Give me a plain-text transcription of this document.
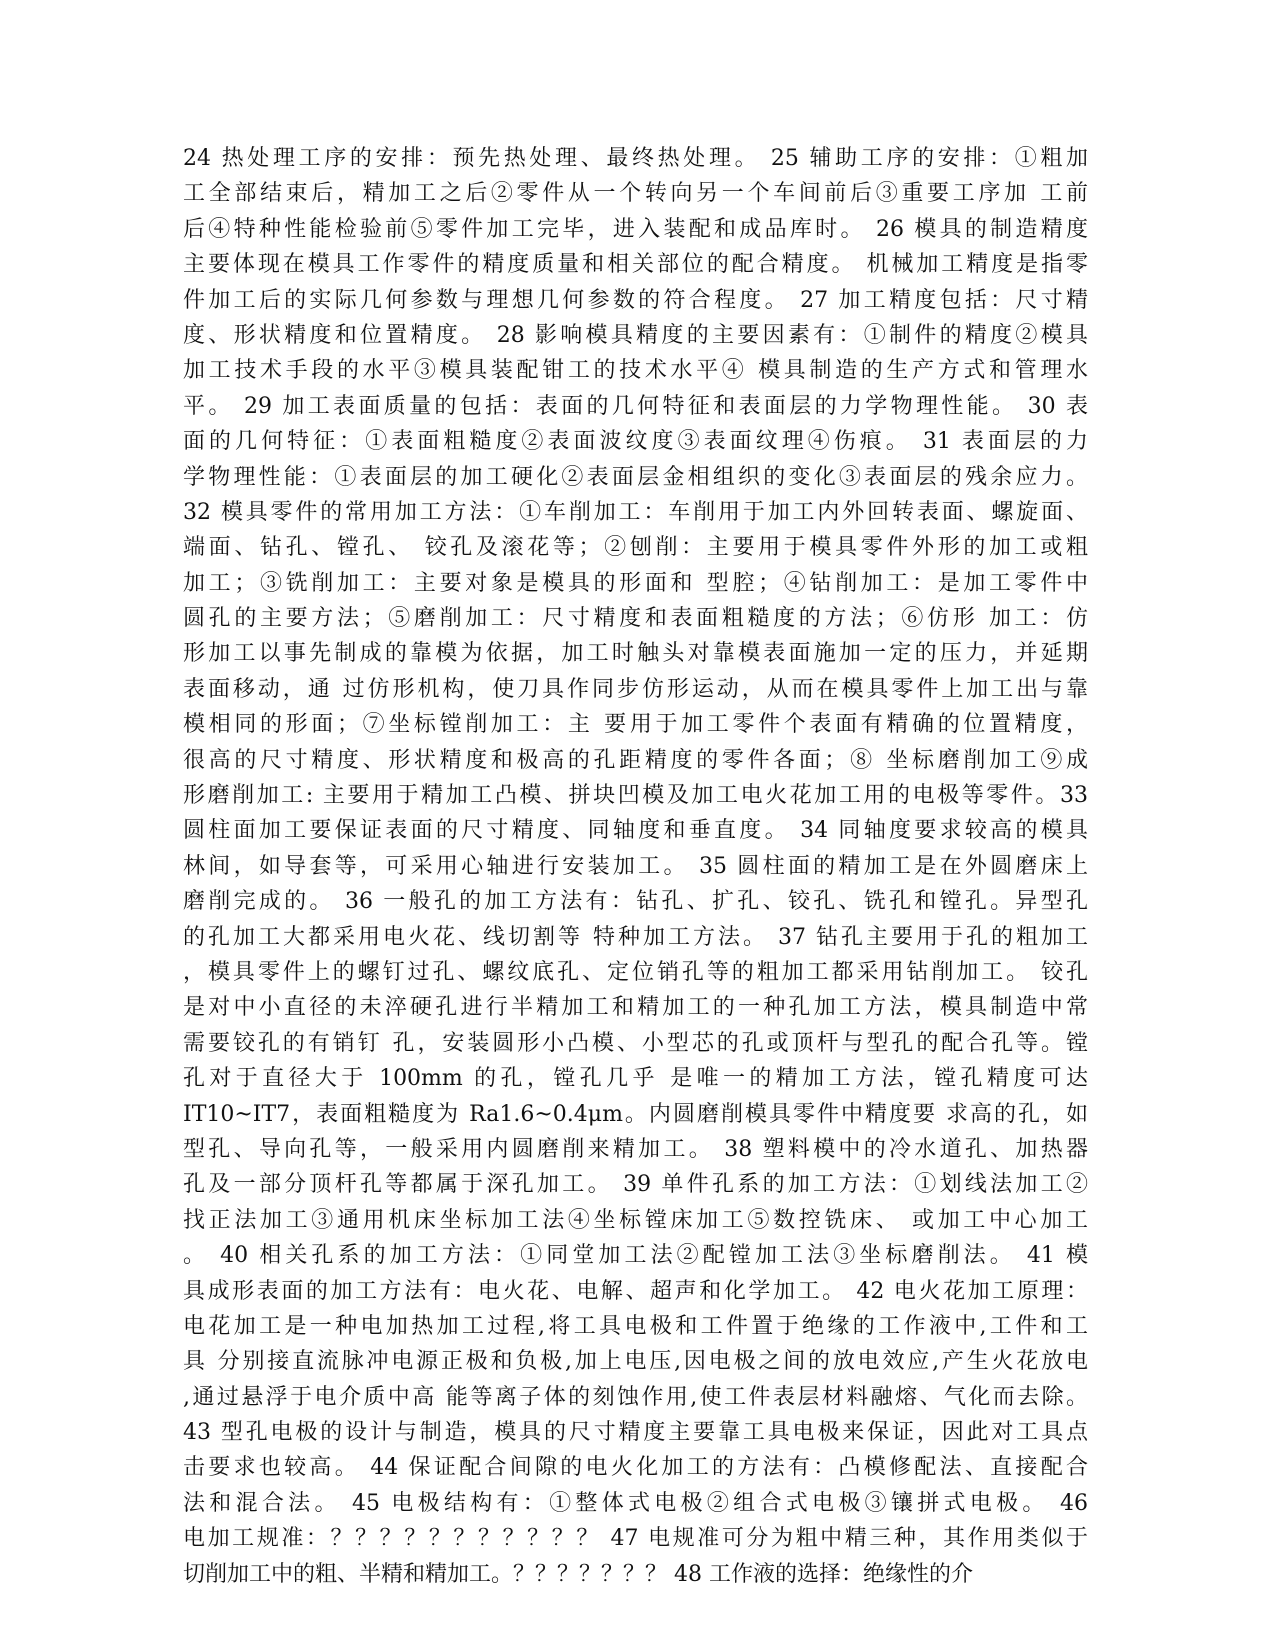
24 热处理工序的安排：预先热处理、最终热处理。 25 辅助工序的安排：①粗加
工全部结束后，精加工之后②零件从一个转向另一个车间前后③重要工序加 工前
后④特种性能检验前⑤零件加工完毕，进入装配和成品库时。 26 模具的制造精度
主要体现在模具工作零件的精度质量和相关部位的配合精度。 机械加工精度是指零
件加工后的实际几何参数与理想几何参数的符合程度。 27 加工精度包括：尺寸精
度、形状精度和位置精度。 28 影响模具精度的主要因素有：①制件的精度②模具
加工技术手段的水平③模具装配钳工的技术水平④ 模具制造的生产方式和管理水
平。 29 加工表面质量的包括：表面的几何特征和表面层的力学物理性能。 30 表
面的几何特征：①表面粗糙度②表面波纹度③表面纹理④伤痕。 31 表面层的力
学物理性能：①表面层的加工硬化②表面层金相组织的变化③表面层的残余应力。
32 模具零件的常用加工方法：①车削加工：车削用于加工内外回转表面、螺旋面、
端面、钻孔、镗孔、 铰孔及滚花等；②刨削：主要用于模具零件外形的加工或粗
加工；③铣削加工：主要对象是模具的形面和 型腔；④钻削加工：是加工零件中
圆孔的主要方法；⑤磨削加工：尺寸精度和表面粗糙度的方法；⑥仿形 加工：仿
形加工以事先制成的靠模为依据，加工时触头对靠模表面施加一定的压力，并延期
表面移动，通 过仿形机构，使刀具作同步仿形运动，从而在模具零件上加工出与靠
模相同的形面；⑦坐标镗削加工：主 要用于加工零件个表面有精确的位置精度，
很高的尺寸精度、形状精度和极高的孔距精度的零件各面；⑧ 坐标磨削加工⑨成
形磨削加工: 主要用于精加工凸模、拼块凹模及加工电火花加工用的电极等零件。33
圆柱面加工要保证表面的尺寸精度、同轴度和垂直度。 34 同轴度要求较高的模具
林间，如导套等，可采用心轴进行安装加工。 35 圆柱面的精加工是在外圆磨床上
磨削完成的。 36 一般孔的加工方法有：钻孔、扩孔、铰孔、铣孔和镗孔。异型孔
的孔加工大都采用电火花、线切割等 特种加工方法。 37 钻孔主要用于孔的粗加工
，模具零件上的螺钉过孔、螺纹底孔、定位销孔等的粗加工都采用钻削加工。 铰孔
是对中小直径的未淬硬孔进行半精加工和精加工的一种孔加工方法，模具制造中常
需要铰孔的有销钉 孔，安装圆形小凸模、小型芯的孔或顶杆与型孔的配合孔等。镗
孔对于直径大于 100mm 的孔，镗孔几乎 是唯一的精加工方法，镗孔精度可达
IT10~IT7，表面粗糙度为 Ra1.6~0.4μm。内圆磨削模具零件中精度要 求高的孔，如
型孔、导向孔等，一般采用内圆磨削来精加工。 38 塑料模中的冷水道孔、加热器
孔及一部分顶杆孔等都属于深孔加工。 39 单件孔系的加工方法：①划线法加工②
找正法加工③通用机床坐标加工法④坐标镗床加工⑤数控铣床、 或加工中心加工
。 40 相关孔系的加工方法：①同堂加工法②配镗加工法③坐标磨削法。 41 模
具成形表面的加工方法有：电火花、电解、超声和化学加工。 42 电火花加工原理：
电花加工是一种电加热加工过程,将工具电极和工件置于绝缘的工作液中,工件和工
具 分别接直流脉冲电源正极和负极,加上电压,因电极之间的放电效应,产生火花放电
,通过悬浮于电介质中高 能等离子体的刻蚀作用,使工件表层材料融熔、气化而去除。
43 型孔电极的设计与制造，模具的尺寸精度主要靠工具电极来保证，因此对工具点
击要求也较高。 44 保证配合间隙的电火化加工的方法有：凸模修配法、直接配合
法和混合法。 45 电极结构有：①整体式电极②组合式电极③镶拼式电极。 46
电加工规准：？？？？？？？？？？？ 47 电规准可分为粗中精三种，其作用类似于
切削加工中的粗、半精和精加工。？？？？？？？ 48 工作液的选择：绝缘性的介
